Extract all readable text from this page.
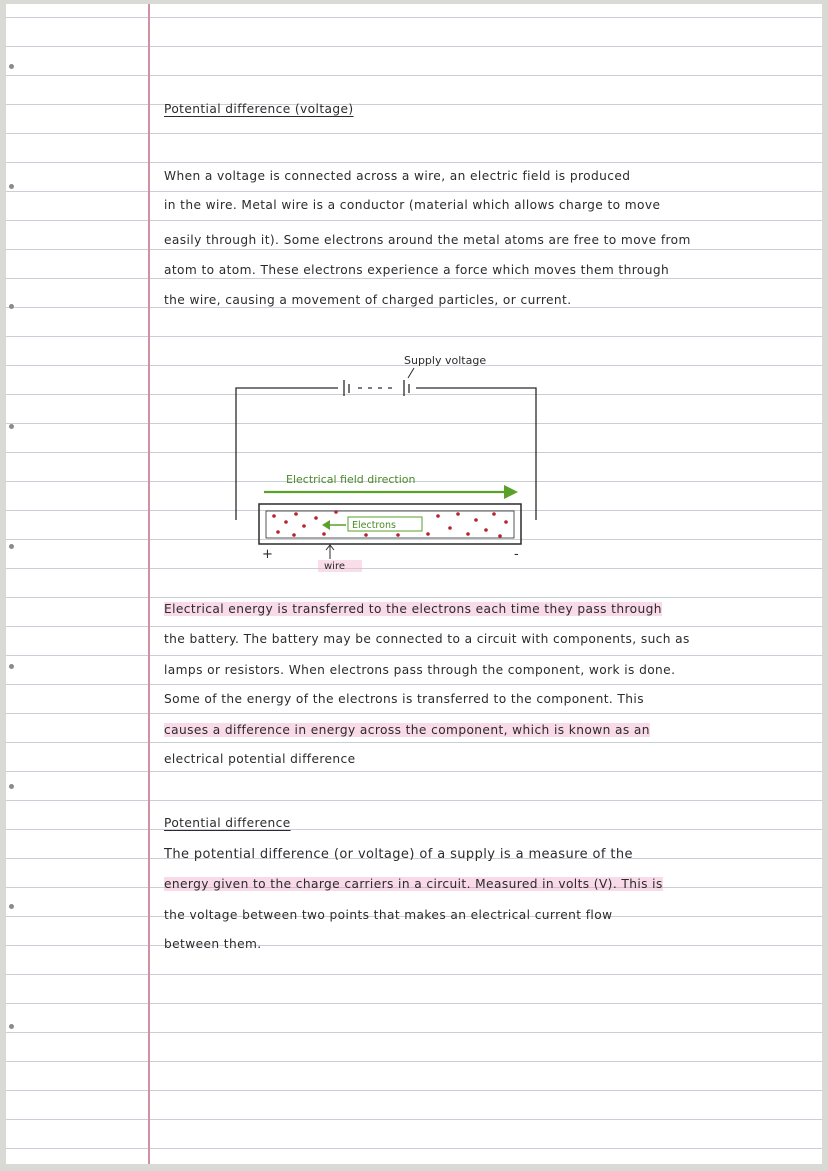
Potential difference (voltage)
When a voltage is connected across a wire, an electric field is produced
in the wire. Metal wire is a conductor (material which allows charge to move
easily through it). Some electrons around the metal atoms are free to move from
atom to atom. These electrons experience a force which moves them through
the wire, causing a movement of charged particles, or current.
Supply voltage
Electrical field direction
Electrons
wire
+	-
Electrical energy is transferred to the electrons each time they pass through
the battery. The battery may be connected to a circuit with components, such as
lamps or resistors. When electrons pass through the component, work is done.
Some of the energy of the electrons is transferred to the component. This
causes a difference in energy across the component, which is known as an
electrical potential difference
Potential difference
The potential difference (or voltage) of a supply is a measure of the
energy given to the charge carriers in a circuit. Measured in volts (V). This is
the voltage between two points that makes an electrical current flow
between them.
